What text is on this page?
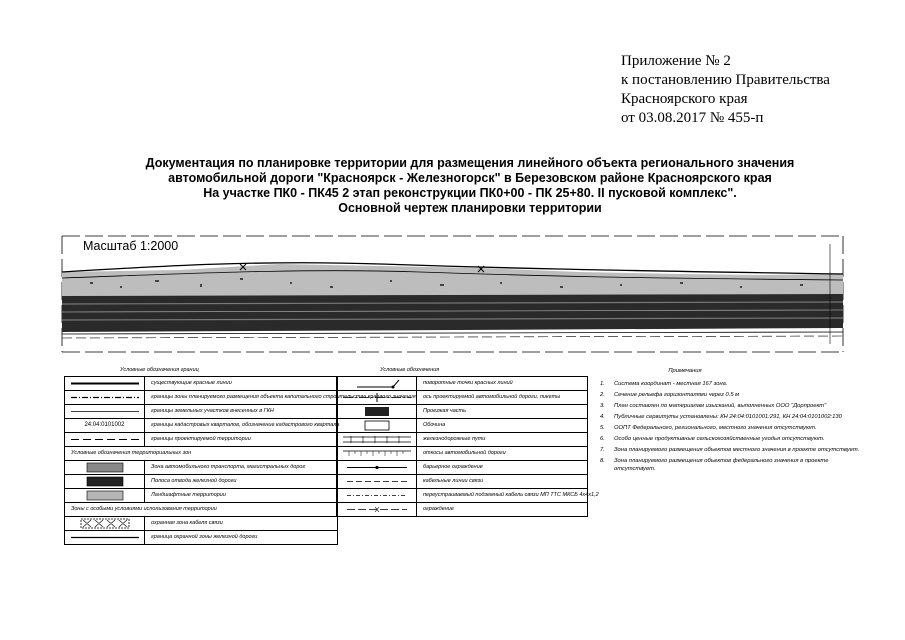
Приложение № 2
к постановлению Правительства
Красноярского края
от 03.08.2017 № 455-п
Документация по планировке территории для размещения линейного объекта регионального значения
автомобильной дороги "Красноярск - Железногорск" в Березовском районе Красноярского края
На участке ПК0 - ПК45 2 этап реконструкции ПК0+00 - ПК 25+80. II пусковой комплекс".
Основной чертеж планировки территории
Масштаб 1:2000
Условные обозначения границ
существующие красные линии
границы зоны планируемого размещения объекта капитального строительства краевого значения
границы земельных участков внесенных в ГКН
24:04:0101002	границы кадастровых кварталов, обозначение кадастрового квартала
границы проектируемой территории
Условные обозначения территориальных зон
Зона автомобильного транспорта, магистральных дорог
Полоса отвода железной дороги
Ландшафтные территории
Зоны с особыми условиями использования территории
охранная зона кабеля связи
граница охранной зоны железной дороги
Условные обозначения
поворотные точки красных линий
ось проектируемой автомобильной дороги, пикеты
Проезжая часть
Обочина
железнодорожные пути
откосы автомобильной дороги
барьерное ограждение
кабельные линии связи
переустраиваемый подземный кабель связи МП ТТС МКСБ 4х4х1,2
ограждение
Примечания
1. Система координат - местная 167 зона.
2. Сечение рельефа горизонталями через 0.5 м
3. План составлен по материалам изысканий, выполненных ООО "Дорпроект"
4. Публичные сервитуты установлены: КН 24:04:0101001:291, КН 24:04:0101002:130
5. ООПТ Федерального, регионального, местного значения отсутствуют.
6. Особо ценные продуктивные сельскохозяйственные угодья отсутствуют.
7. Зона планируемого размещения объектов местного значения в проекте отсутствует.
8. Зона планируемого размещения объектов федерального значения в проекте отсутствует.
